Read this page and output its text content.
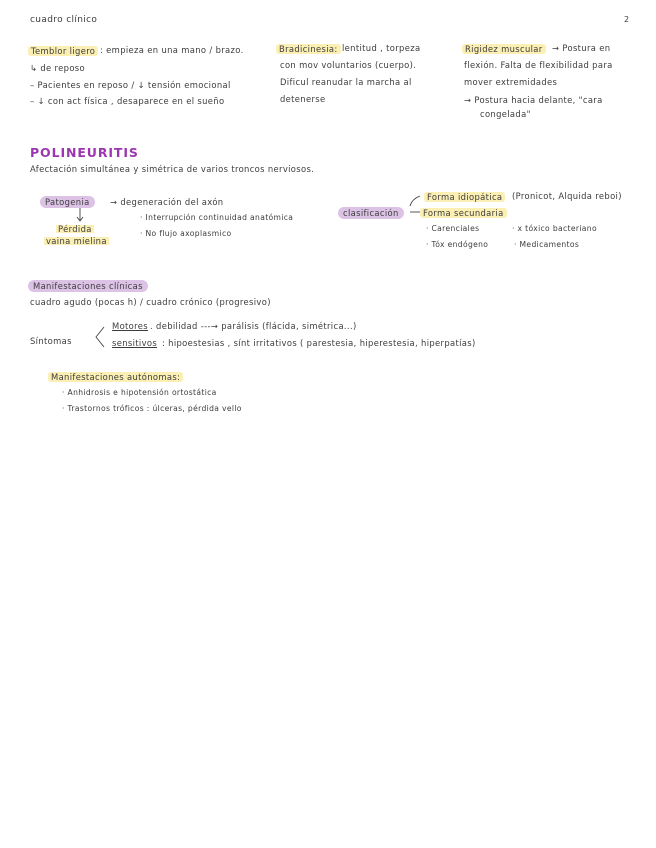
cuadro clínico	2
Temblor ligero : empieza en una mano / brazo.
↳ de reposo
– Pacientes en reposo / ↓ tensión emocional
– ↓ con act física , desaparece en el sueño
Bradicinesia: lentitud , torpeza
con mov voluntarios (cuerpo).
Dificul reanudar la marcha al
detenerse
Rigidez muscular	→ Postura en
flexión. Falta de flexibilidad para
mover extremidades
→ Postura hacia delante, "cara
congelada"
POLINEURITIS
Afectación simultánea y simétrica de varios troncos nerviosos.
Patogenia	→ degeneración del axón
· Interrupción continuidad anatómica
· No flujo axoplasmico
Pérdida
vaina mielina
clasificación
Forma idiopática	(Pronicot, Alquida reboi)
Forma secundaria
· Carenciales	· x tóxico bacteriano
· Tóx endógeno	· Medicamentos
Manifestaciones clínicas
cuadro agudo (pocas h) / cuadro crónico (progresivo)
Síntomas
Motores . debilidad ---→ parálisis (flácida, simétrica...)
sensitivos : hipoestesias , sínt irritativos ( parestesia, hiperestesia, hiperpatías)
Manifestaciones autónomas:
· Anhidrosis e hipotensión ortostática
· Trastornos tróficos : úlceras, pérdida vello
